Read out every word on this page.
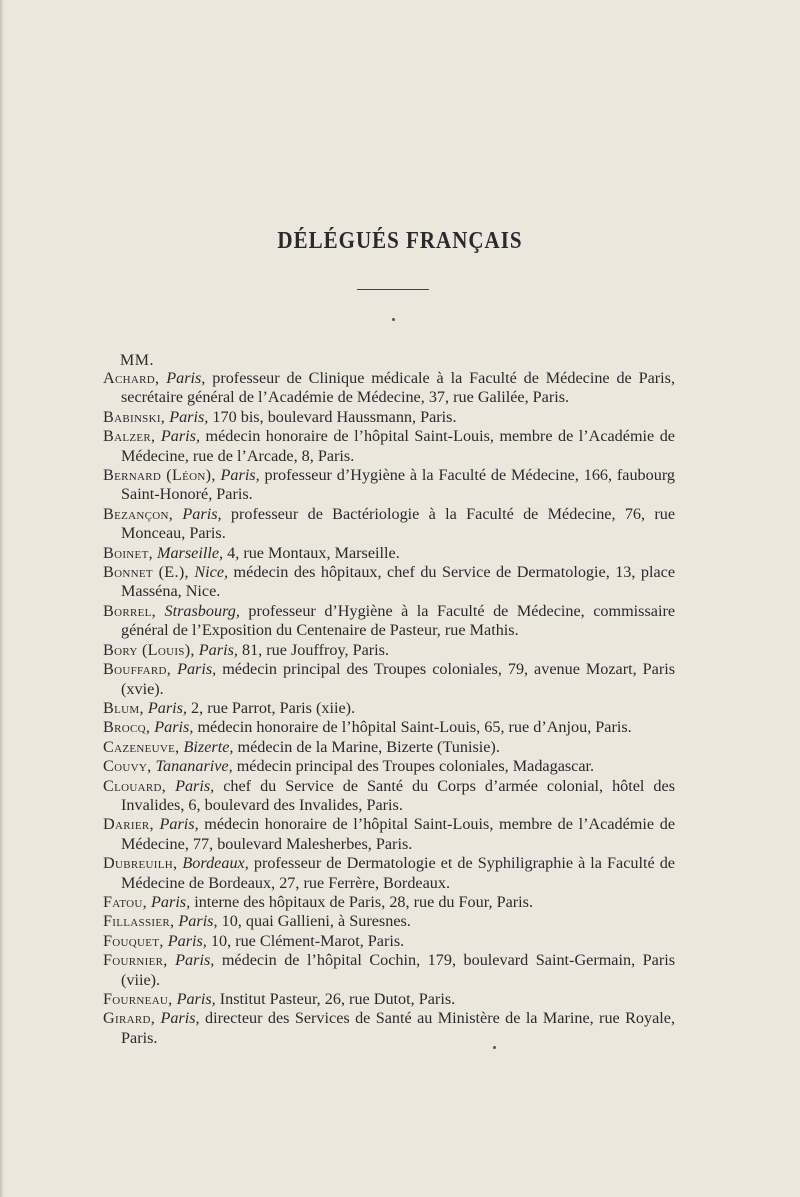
DÉLÉGUÉS FRANÇAIS
MM.

Achard, Paris, professeur de Clinique médicale à la Faculté de Médecine de Paris, secrétaire général de l’Académie de Médecine, 37, rue Galilée, Paris.

Babinski, Paris, 170 bis, boulevard Haussmann, Paris.

Balzer, Paris, médecin honoraire de l’hôpital Saint-Louis, membre de l’Académie de Médecine, rue de l’Arcade, 8, Paris.

Bernard (Léon), Paris, professeur d’Hygiène à la Faculté de Médecine, 166, faubourg Saint-Honoré, Paris.

Bezançon, Paris, professeur de Bactériologie à la Faculté de Médecine, 76, rue Monceau, Paris.

Boinet, Marseille, 4, rue Montaux, Marseille.

Bonnet (E.), Nice, médecin des hôpitaux, chef du Service de Dermatologie, 13, place Masséna, Nice.

Borrel, Strasbourg, professeur d’Hygiène à la Faculté de Médecine, commissaire général de l’Exposition du Centenaire de Pasteur, rue Mathis.

Bory (Louis), Paris, 81, rue Jouffroy, Paris.

Bouffard, Paris, médecin principal des Troupes coloniales, 79, avenue Mozart, Paris (xvie).

Blum, Paris, 2, rue Parrot, Paris (xiie).

Brocq, Paris, médecin honoraire de l’hôpital Saint-Louis, 65, rue d’Anjou, Paris.

Cazeneuve, Bizerte, médecin de la Marine, Bizerte (Tunisie).

Couvy, Tananarive, médecin principal des Troupes coloniales, Madagascar.

Clouard, Paris, chef du Service de Santé du Corps d’armée colonial, hôtel des Invalides, 6, boulevard des Invalides, Paris.

Darier, Paris, médecin honoraire de l’hôpital Saint-Louis, membre de l’Académie de Médecine, 77, boulevard Malesherbes, Paris.

Dubreuilh, Bordeaux, professeur de Dermatologie et de Syphiligraphie à la Faculté de Médecine de Bordeaux, 27, rue Ferrère, Bordeaux.

Fatou, Paris, interne des hôpitaux de Paris, 28, rue du Four, Paris.

Fillassier, Paris, 10, quai Gallieni, à Suresnes.

Fouquet, Paris, 10, rue Clément-Marot, Paris.

Fournier, Paris, médecin de l’hôpital Cochin, 179, boulevard Saint-Germain, Paris (viie).

Fourneau, Paris, Institut Pasteur, 26, rue Dutot, Paris.

Girard, Paris, directeur des Services de Santé au Ministère de la Marine, rue Royale, Paris.
